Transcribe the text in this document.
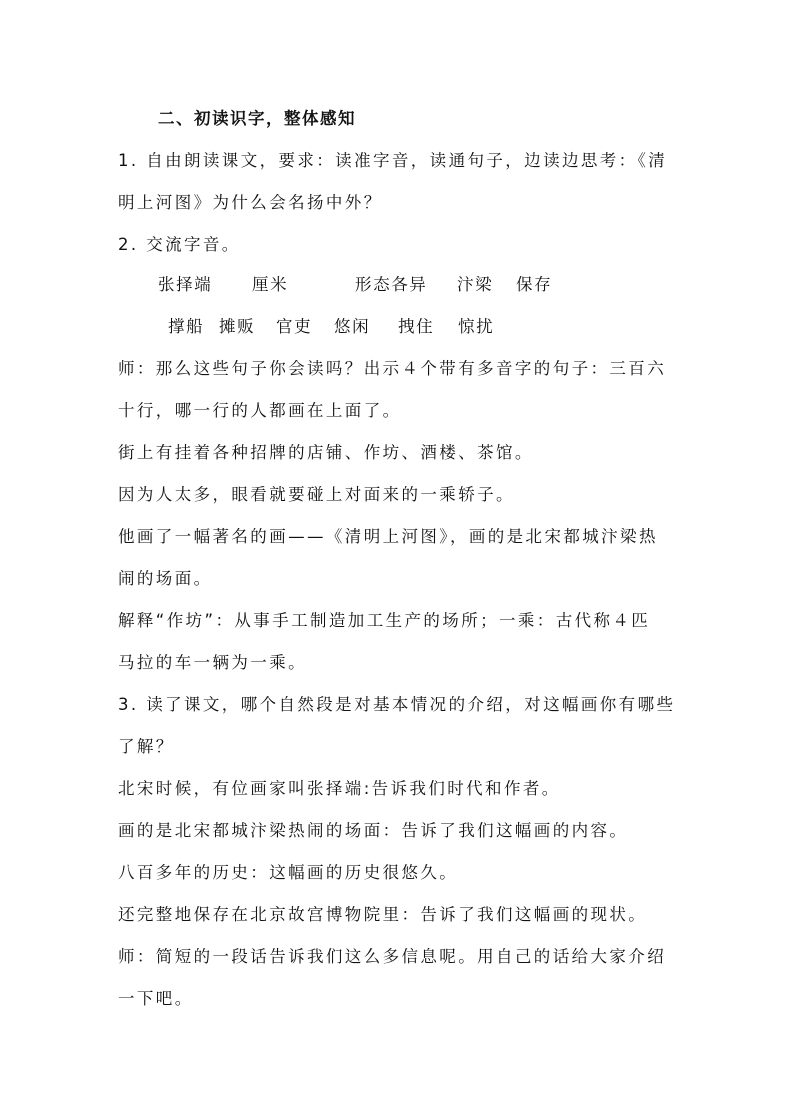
二、初读识字，整体感知
1. 自由朗读课文，要求：读准字音，读通句子，边读边思考：《清
明上河图》为什么会名扬中外？
2. 交流字音。
张择端 厘米	形态各异 汴梁 保存
撑船 摊贩 官吏 悠闲 拽住 惊扰
师：那么这些句子你会读吗？出示４个带有多音字的句子：三百六
十行，哪一行的人都画在上面了。
街上有挂着各种招牌的店铺、作坊、酒楼、茶馆。
因为人太多，眼看就要碰上对面来的一乘轿子。
他画了一幅著名的画——《清明上河图》，画的是北宋都城汴梁热
闹的场面。
解释“作坊”：从事手工制造加工生产的场所；一乘：古代称４匹
马拉的车一辆为一乘。
3. 读了课文，哪个自然段是对基本情况的介绍，对这幅画你有哪些
了解？
北宋时候，有位画家叫张择端:告诉我们时代和作者。
画的是北宋都城汴梁热闹的场面：告诉了我们这幅画的内容。
八百多年的历史：这幅画的历史很悠久。
还完整地保存在北京故宫博物院里：告诉了我们这幅画的现状。
师：简短的一段话告诉我们这么多信息呢。用自己的话给大家介绍
一下吧。
